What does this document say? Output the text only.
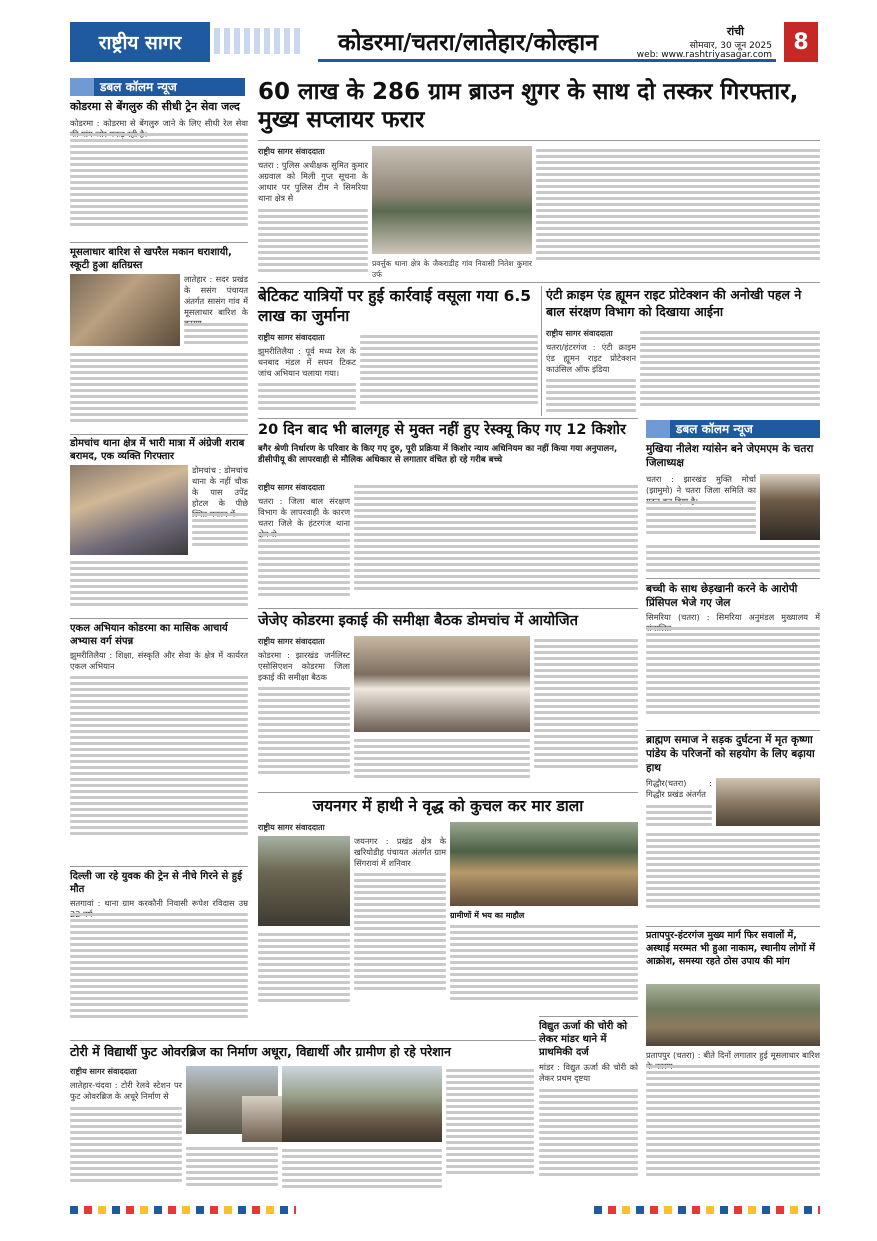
राष्ट्रीय सागर	कोडरमा/चतरा/लातेहार/कोल्हान	रांची
सोमवार, 30 जून 2025
web: www.rashtriyasagar.com
8
डबल कॉलम न्यूज
कोडरमा से बेंगलुरु की सीधी ट्रेन सेवा जल्द
कोडरमा : कोडरमा से बेंगलुरु जाने के लिए सीधी रेल सेवा
मूसलाधार बारिश से खपरैल मकान धराशायी, स्कूटी हुआ क्षतिग्रस्त
लातेहार : सदर प्रखंड के ससंग पंचायत अंतर्गत सासंग गांव में मूसलाधार बारिश के
डोमचांच थाना क्षेत्र में भारी मात्रा में अंग्रेजी शराब बरामद, एक व्यक्ति गिरफ्तार
डोमचांच : डोमचांच थाना के नहीं चौक के पास उपेंद्र होटल के पीछे
एकल अभियान कोडरमा का मासिक आचार्य अभ्यास वर्ग संपन्न
झुमरीतिलैया : शिक्षा, संस्कृति और सेवा के क्षेत्र में कार्यरत एकल अभियान
दिल्ली जा रहे युवक की ट्रेन से नीचे गिरने से हुई मौत
सतगावां : थाना ग्राम करकौनी निवासी रूपेश रविदास उम्र
60 लाख के 286 ग्राम ब्राउन शुगर के साथ दो तस्कर गिरफ्तार, मुख्य सप्लायर फरार
राष्ट्रीय सागर संवाददाता
चतरा : पुलिस अधीक्षक सुमित कुमार अग्रवाल को मिली गुप्त सूचना के आधार पर पुलिस टीम ने सिमरिया थाना क्षेत्र से
प्रवर्त्तुक थाना क्षेत्र के जैकराडीह गांव निवासी नितेश कुमार उर्फ
बेटिकट यात्रियों पर हुई कार्रवाई वसूला गया 6.5 लाख का जुर्माना
राष्ट्रीय सागर संवाददाता
झुमरीतिलैया : पूर्व मध्य रेल के धनबाद मंडल में सघन टिकट जांच अभियान चलाया गया।
एंटी क्राइम एंड ह्यूमन राइट प्रोटेक्शन की अनोखी पहल ने बाल संरक्षण विभाग को दिखाया आईना
राष्ट्रीय सागर संवाददाता
चतरा/हंटरगंज : एंटी क्राइम एंड ह्यूमन राइट प्रोटेक्शन काउंसिल ऑफ इंडिया
20 दिन बाद भी बालगृह से मुक्त नहीं हुए रेस्क्यू किए गए 12 किशोर
बगैर श्रेणी निर्धारण के परिवार के किए गए दुरु, पूरी प्रक्रिया में किशोर न्याय अधिनियम का नहीं किया गया अनुपालन, डीसीपीयू की लापरवाही से मौलिक अधिकार से लगातार वंचित हो रहे गरीब बच्चे
राष्ट्रीय सागर संवाददाता
चतरा : जिला बाल संरक्षण विभाग के लापरवाही के कारण चतरा जिले के हंटरगंज थाना
जेजेए कोडरमा इकाई की समीक्षा बैठक डोमचांच में आयोजित
राष्ट्रीय सागर संवाददाता
कोडरमा : झारखंड जर्नलिस्ट एसोसिएशन कोडरमा जिला इकाई की समीक्षा बैठक
जयनगर में हाथी ने वृद्ध को कुचल कर मार डाला
राष्ट्रीय सागर संवाददाता
जयनगर : प्रखंड क्षेत्र के खरियोडीह पंचायत अंतर्गत ग्राम सिंगरावां में शनिवार
ग्रामीणों में भय का माहौल
विद्युत ऊर्जा की चोरी को लेकर मांडर थाने में प्राथमिकी दर्ज
मांडर : विद्युत ऊर्जा की चोरी को लेकर प्रथम दृष्टया
टोरी में विद्यार्थी फुट ओवरब्रिज का निर्माण अधूरा, विद्यार्थी और ग्रामीण हो रहे परेशान
राष्ट्रीय सागर संवाददाता
लातेहार-चंदवा : टोरी रेलवे स्टेशन पर फुट ओवरब्रिज के अधूरे निर्माण से
डबल कॉलम न्यूज
मुखिया नीलेश ग्यांसेन बने जेएमएम के चतरा जिलाध्यक्ष
चतरा : झारखंड मुक्ति मोर्चा (झामुमो) ने चतरा जिला समिति का
बच्ची के साथ छेड़खानी करने के आरोपी प्रिंसिपल भेजे गए जेल
सिमरिया (चतरा) : सिमरिया अनुमंडल मुख्यालय में
ब्राह्मण समाज ने सड़क दुर्घटना में मृत कृष्णा पांडेय के परिजनों को सहयोग के लिए बढ़ाया हाथ
गिद्धौर(चतरा) : गिद्धौर प्रखंड अंतर्गत
प्रतापपुर-हंटरगंज मुख्य मार्ग फिर सवालों में, अस्थाई मरम्मत भी हुआ नाकाम, स्थानीय लोगों में आक्रोश, समस्या रहते ठोस उपाय की मांग
प्रतापपुर (चतरा) : बीते दिनों लगातार हुई मूसलाधार बारिश
